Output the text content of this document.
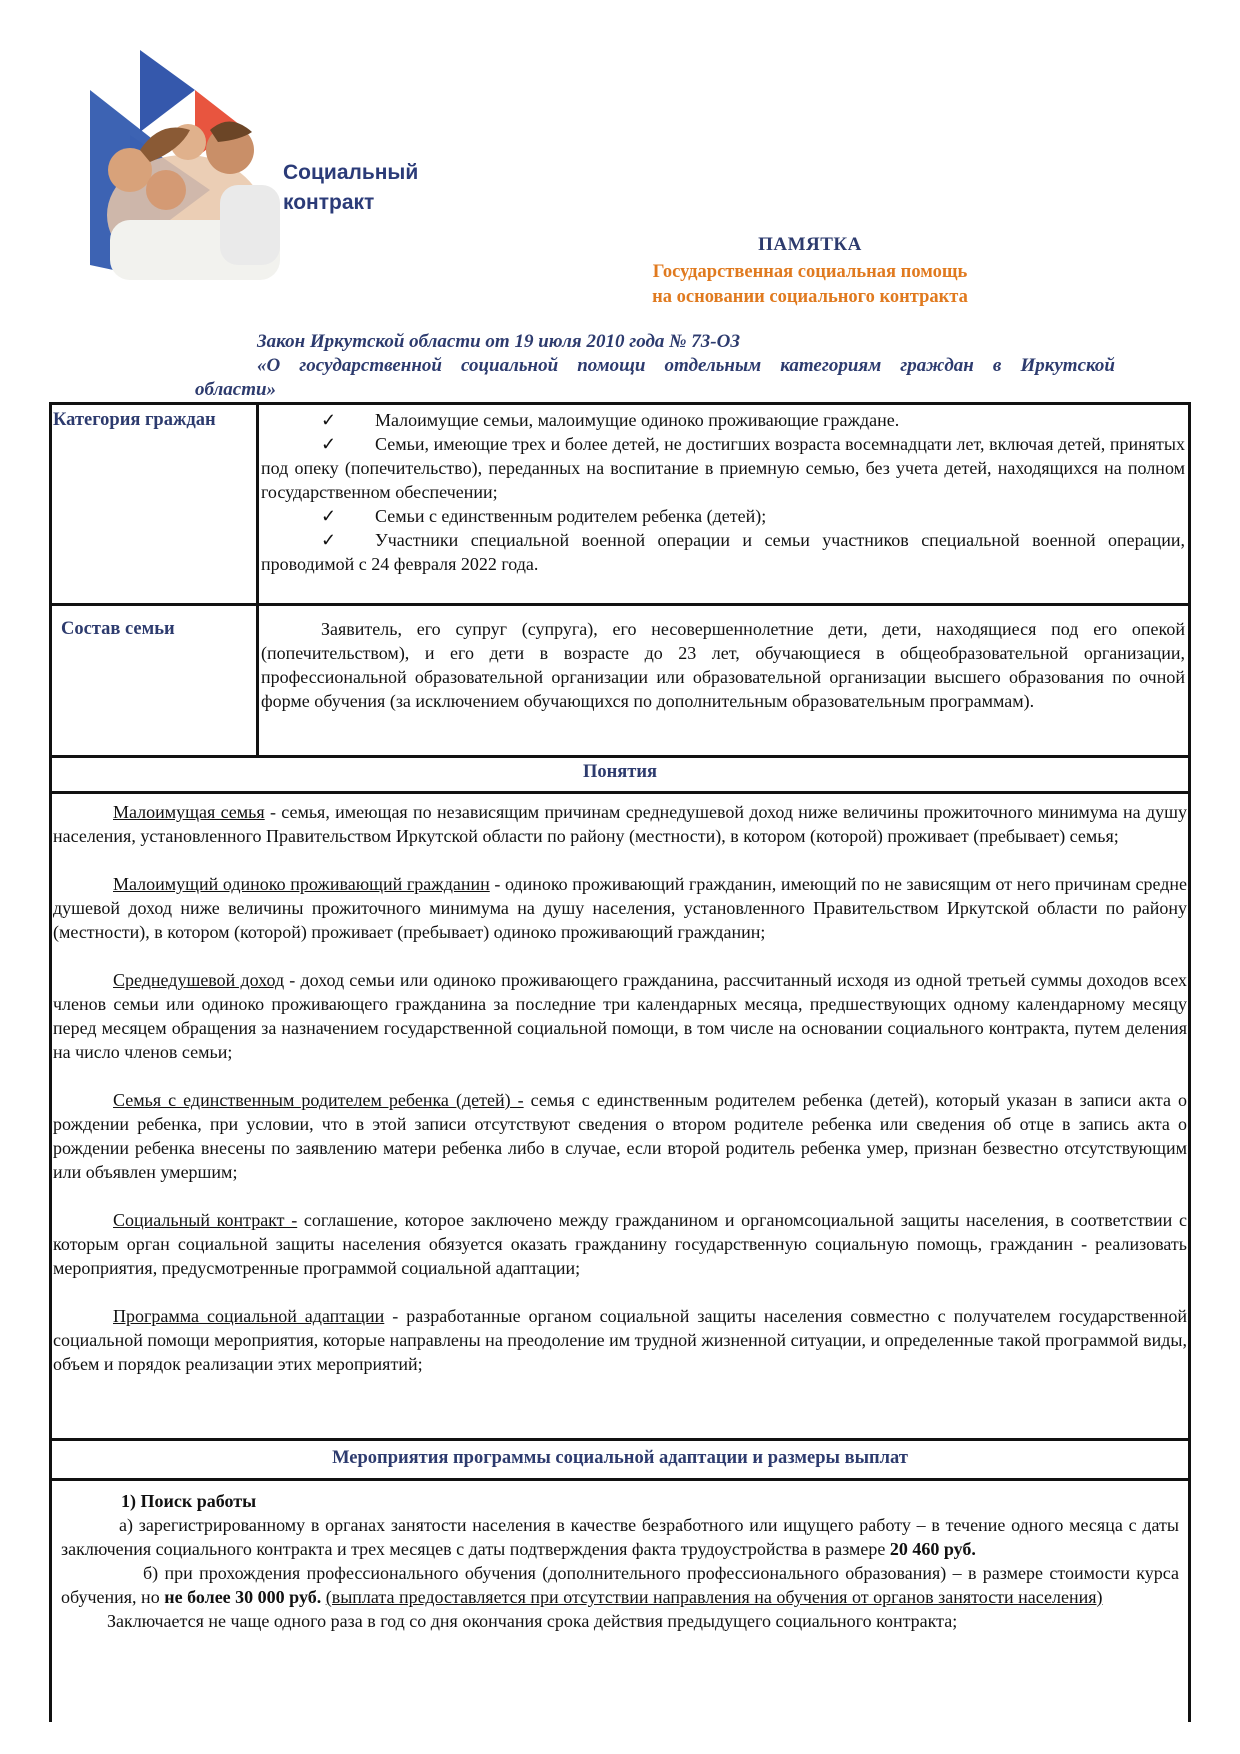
Социальный
контракт
ПАМЯТКА
Государственная социальная помощь
на основании социального контракта
Закон Иркутской области от 19 июля 2010 года № 73-ОЗ
«О государственной социальной помощи отдельным категориям граждан в Иркутской
области»
Категория граждан	✓ Малоимущие семьи, малоимущие одиноко проживающие граждане.

✓ Семьи, имеющие трех и более детей, не достигших возраста восемнадцати лет, включая детей, принятых под опеку (попечительство), переданных на воспитание в приемную семью, без учета детей, находящихся на полном государственном обеспечении;

✓ Семьи с единственным родителем ребенка (детей);

✓ Участники специальной военной операции и семьи участников специальной военной операции, проводимой с 24 февраля 2022 года.

Состав семьи	Заявитель, его супруг (супруга), его несовершеннолетние дети, дети, находящиеся под его опекой (попечительством), и его дети в возрасте до 23 лет, обучающиеся в общеобразовательной организации, профессиональной образовательной организации или образовательной организации высшего образования по очной форме обучения (за исключением обучающихся по дополнительным образовательным программам).
Понятия

Малоимущая семья - семья, имеющая по независящим причинам среднедушевой доход ниже величины прожиточного минимума на душу населения, установленного Правительством Иркутской области по району (местности), в котором (которой) проживает (пребывает) семья;

Малоимущий одиноко проживающий гражданин - одиноко проживающий гражданин, имеющий по не зависящим от него причинам средне душевой доход ниже величины прожиточного минимума на душу населения, установленного Правительством Иркутской области по району (местности), в котором (которой) проживает (пребывает) одиноко проживающий гражданин;

Среднедушевой доход - доход семьи или одиноко проживающего гражданина, рассчитанный исходя из одной третьей суммы доходов всех членов семьи или одиноко проживающего гражданина за последние три календарных месяца, предшествующих одному календарному месяцу перед месяцем обращения за назначением государственной социальной помощи, в том числе на основании социального контракта, путем деления на число членов семьи;

Семья с единственным родителем ребенка (детей) - семья с единственным родителем ребенка (детей), который указан в записи акта о рождении ребенка, при условии, что в этой записи отсутствуют сведения о втором родителе ребенка или сведения об отце в запись акта о рождении ребенка внесены по заявлению матери ребенка либо в случае, если второй родитель ребенка умер, признан безвестно отсутствующим или объявлен умершим;

Социальный контракт - соглашение, которое заключено между гражданином и органомсоциальной защиты населения, в соответствии с которым орган социальной защиты населения обязуется оказать гражданину государственную социальную помощь, гражданин - реализовать мероприятия, предусмотренные программой социальной адаптации;

Программа социальной адаптации - разработанные органом социальной защиты населения совместно с получателем государственной социальной помощи мероприятия, которые направлены на преодоление им трудной жизненной ситуации, и определенные такой программой виды, объем и порядок реализации этих мероприятий;

Мероприятия программы социальной адаптации и размеры выплат

1) Поиск работы

а) зарегистрированному в органах занятости населения в качестве безработного или ищущего работу – в течение одного месяца с даты заключения социального контракта и трех месяцев с даты подтверждения факта трудоустройства в размере 20 460 руб.

б) при прохождения профессионального обучения (дополнительного профессионального образования) – в размере стоимости курса обучения, но не более 30 000 руб. (выплата предоставляется при отсутствии направления на обучения от органов занятости населения)

Заключается не чаще одного раза в год со дня окончания срока действия предыдущего социального контракта;
